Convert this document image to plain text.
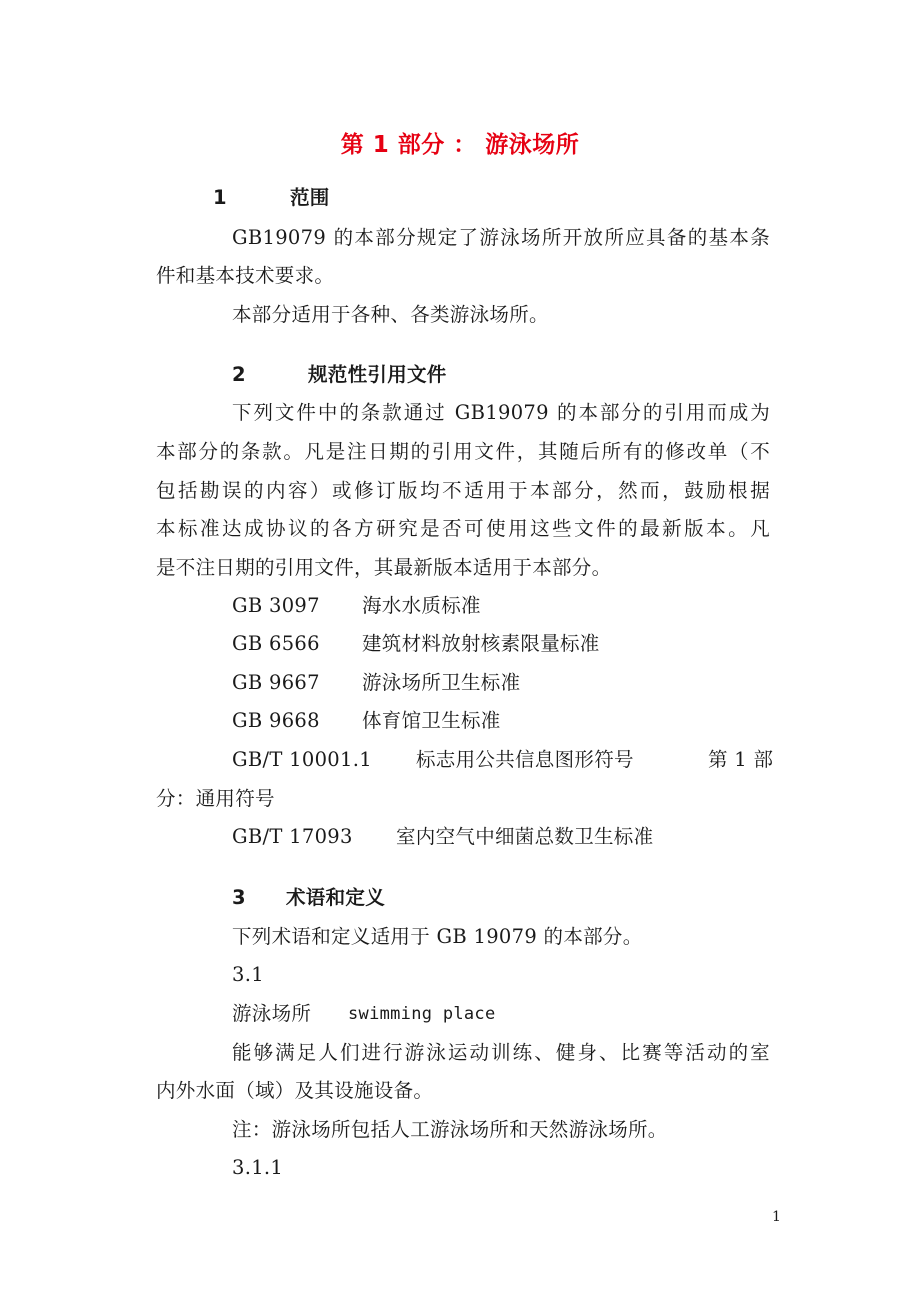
第 1 部分 ： 游泳场所
1	范围
GB19079 的本部分规定了游泳场所开放所应具备的基本条
件和基本技术要求。
本部分适用于各种、各类游泳场所。
2	规范性引用文件
下列文件中的条款通过 GB19079 的本部分的引用而成为
本部分的条款。凡是注日期的引用文件，其随后所有的修改单（不
包括勘误的内容）或修订版均不适用于本部分，然而，鼓励根据
本标准达成协议的各方研究是否可使用这些文件的最新版本。凡
是不注日期的引用文件，其最新版本适用于本部分。
GB 3097 海水水质标准
GB 6566 建筑材料放射核素限量标准
GB 9667 游泳场所卫生标准
GB 9668 体育馆卫生标准
GB/T 10001.1 标志用公共信息图形符号	第 1 部
分：通用符号
GB/T 17093 室内空气中细菌总数卫生标准
3 术语和定义
下列术语和定义适用于 GB 19079 的本部分。
3.1
游泳场所 swimming place
能够满足人们进行游泳运动训练、健身、比赛等活动的室
内外水面（域）及其设施设备。
注：游泳场所包括人工游泳场所和天然游泳场所。
3.1.1
1
